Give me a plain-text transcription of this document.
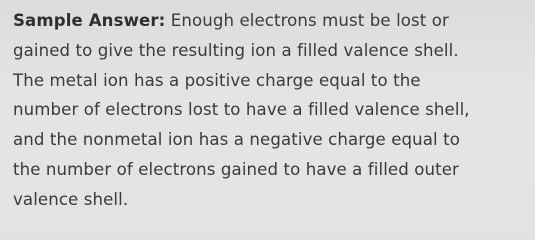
Sample Answer: Enough electrons must be lost or
gained to give the resulting ion a filled valence shell.
The metal ion has a positive charge equal to the
number of electrons lost to have a filled valence shell,
and the nonmetal ion has a negative charge equal to
the number of electrons gained to have a filled outer
valence shell.
